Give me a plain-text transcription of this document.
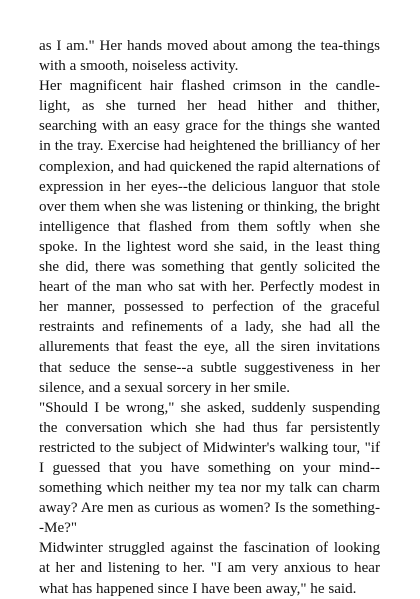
as I am." Her hands moved about among the tea-things with a smooth, noiseless activity.

Her magnificent hair flashed crimson in the candle-light, as she turned her head hither and thither, searching with an easy grace for the things she wanted in the tray. Exercise had heightened the brilliancy of her complexion, and had quickened the rapid alternations of expression in her eyes--the delicious languor that stole over them when she was listening or thinking, the bright intelligence that flashed from them softly when she spoke. In the lightest word she said, in the least thing she did, there was something that gently solicited the heart of the man who sat with her. Perfectly modest in her manner, possessed to perfection of the graceful restraints and refinements of a lady, she had all the allurements that feast the eye, all the siren invitations that seduce the sense--a subtle suggestiveness in her silence, and a sexual sorcery in her smile.

"Should I be wrong," she asked, suddenly suspending the conversation which she had thus far persistently restricted to the subject of Midwinter's walking tour, "if I guessed that you have something on your mind--something which neither my tea nor my talk can charm away? Are men as curious as women? Is the something--Me?"

Midwinter struggled against the fascination of looking at her and listening to her. "I am very anxious to hear what has happened since I have been away," he said.
